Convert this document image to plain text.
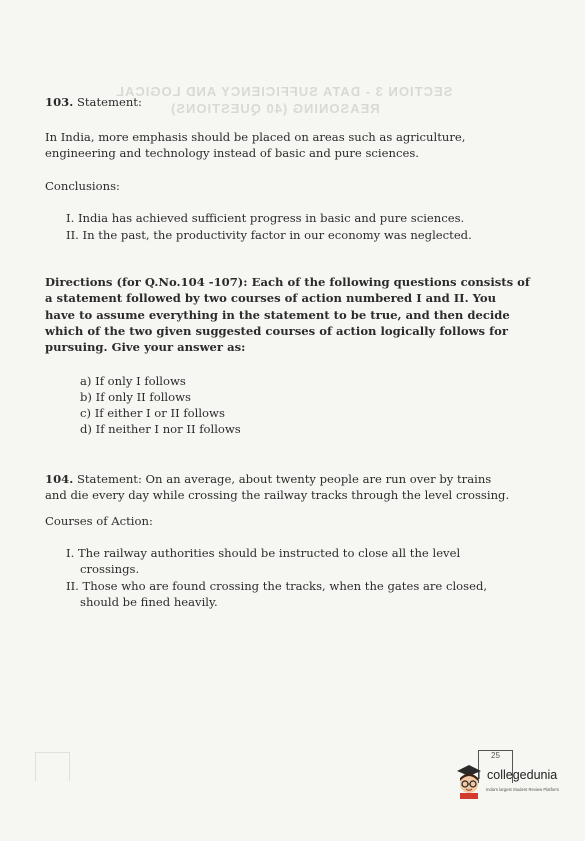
SECTION 3 - DATA SUFFICIENCY AND LOGICAL
REASONING (40 QUESTIONS)
103. Statement:
In India, more emphasis should be placed on areas such as agriculture,
engineering and technology instead of basic and pure sciences.
Conclusions:
I. India has achieved sufficient progress in basic and pure sciences.
II. In the past, the productivity factor in our economy was neglected.
Directions (for Q.No.104 -107): Each of the following questions consists of
a statement followed by two courses of action numbered I and II. You
have to assume everything in the statement to be true, and then decide
which of the two given suggested courses of action logically follows for
pursuing. Give your answer as:
a) If only I follows
b) If only II follows
c) If either I or II follows
d) If neither I nor II follows
104. Statement: On an average, about twenty people are run over by trains
and die every day while crossing the railway tracks through the level crossing.
Courses of Action:
I. The railway authorities should be instructed to close all the level
crossings.
II. Those who are found crossing the tracks, when the gates are closed,
should be fined heavily.
25
collegedunia
India's largest Student Review Platform
